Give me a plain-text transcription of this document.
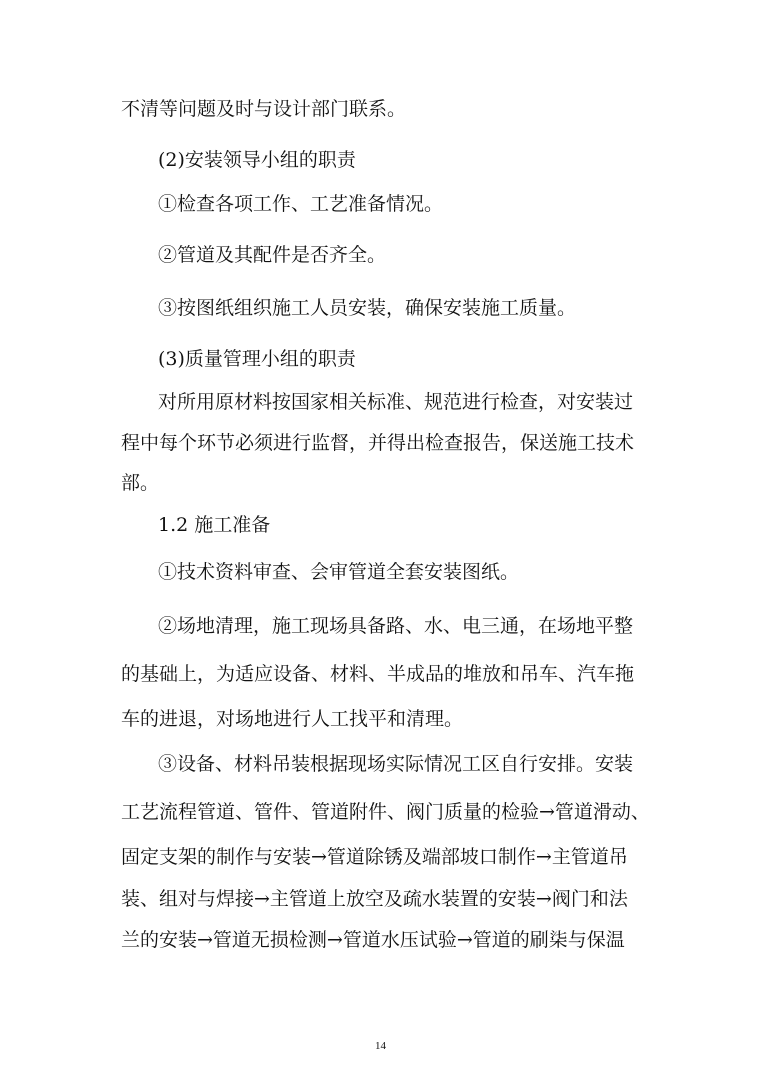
不清等问题及时与设计部门联系。
(2)安装领导小组的职责
①检查各项工作、工艺准备情况。
②管道及其配件是否齐全。
③按图纸组织施工人员安装，确保安装施工质量。
(3)质量管理小组的职责
对所用原材料按国家相关标准、规范进行检查，对安装过
程中每个环节必须进行监督，并得出检查报告，保送施工技术
部。
1.2 施工准备
①技术资料审查、会审管道全套安装图纸。
②场地清理，施工现场具备路、水、电三通，在场地平整
的基础上，为适应设备、材料、半成品的堆放和吊车、汽车拖
车的进退，对场地进行人工找平和清理。
③设备、材料吊装根据现场实际情况工区自行安排。安装
工艺流程管道、管件、管道附件、阀门质量的检验→管道滑动、
固定支架的制作与安装→管道除锈及端部坡口制作→主管道吊
装、组对与焊接→主管道上放空及疏水装置的安装→阀门和法
兰的安装→管道无损检测→管道水压试验→管道的刷柒与保温
14
